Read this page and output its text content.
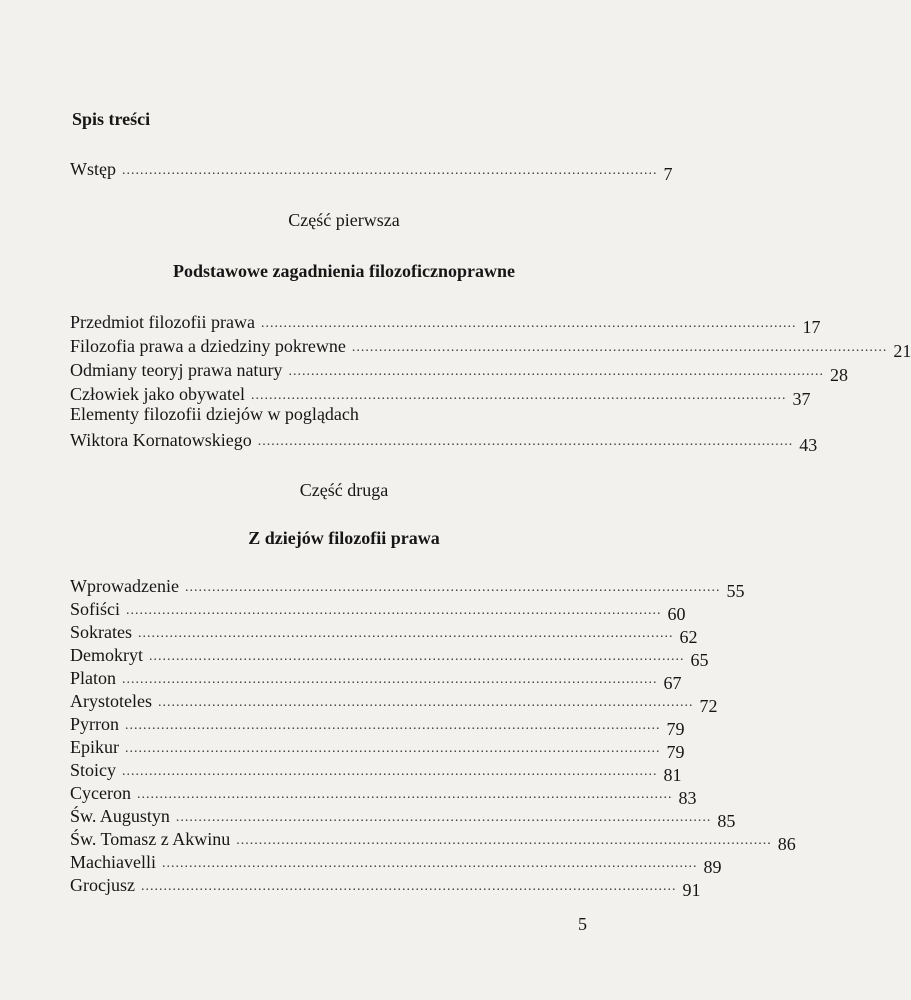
Spis treści
Wstęp ....................................................................................................................... 7
Część pierwsza
Podstawowe zagadnienia filozoficznoprawne
Przedmiot filozofii prawa ....................................................................................................................... 17
Filozofia prawa a dziedziny pokrewne ....................................................................................................................... 21
Odmiany teoryj prawa natury ....................................................................................................................... 28
Człowiek jako obywatel ....................................................................................................................... 37
Elementy filozofii dziejów w poglądach
Wiktora Kornatowskiego ....................................................................................................................... 43
Część druga
Z dziejów filozofii prawa
Wprowadzenie ....................................................................................................................... 55
Sofiści ....................................................................................................................... 60
Sokrates ....................................................................................................................... 62
Demokryt ....................................................................................................................... 65
Platon ....................................................................................................................... 67
Arystoteles ....................................................................................................................... 72
Pyrron ....................................................................................................................... 79
Epikur ....................................................................................................................... 79
Stoicy ....................................................................................................................... 81
Cyceron ....................................................................................................................... 83
Św. Augustyn ....................................................................................................................... 85
Św. Tomasz z Akwinu ....................................................................................................................... 86
Machiavelli ....................................................................................................................... 89
Grocjusz ....................................................................................................................... 91
5
